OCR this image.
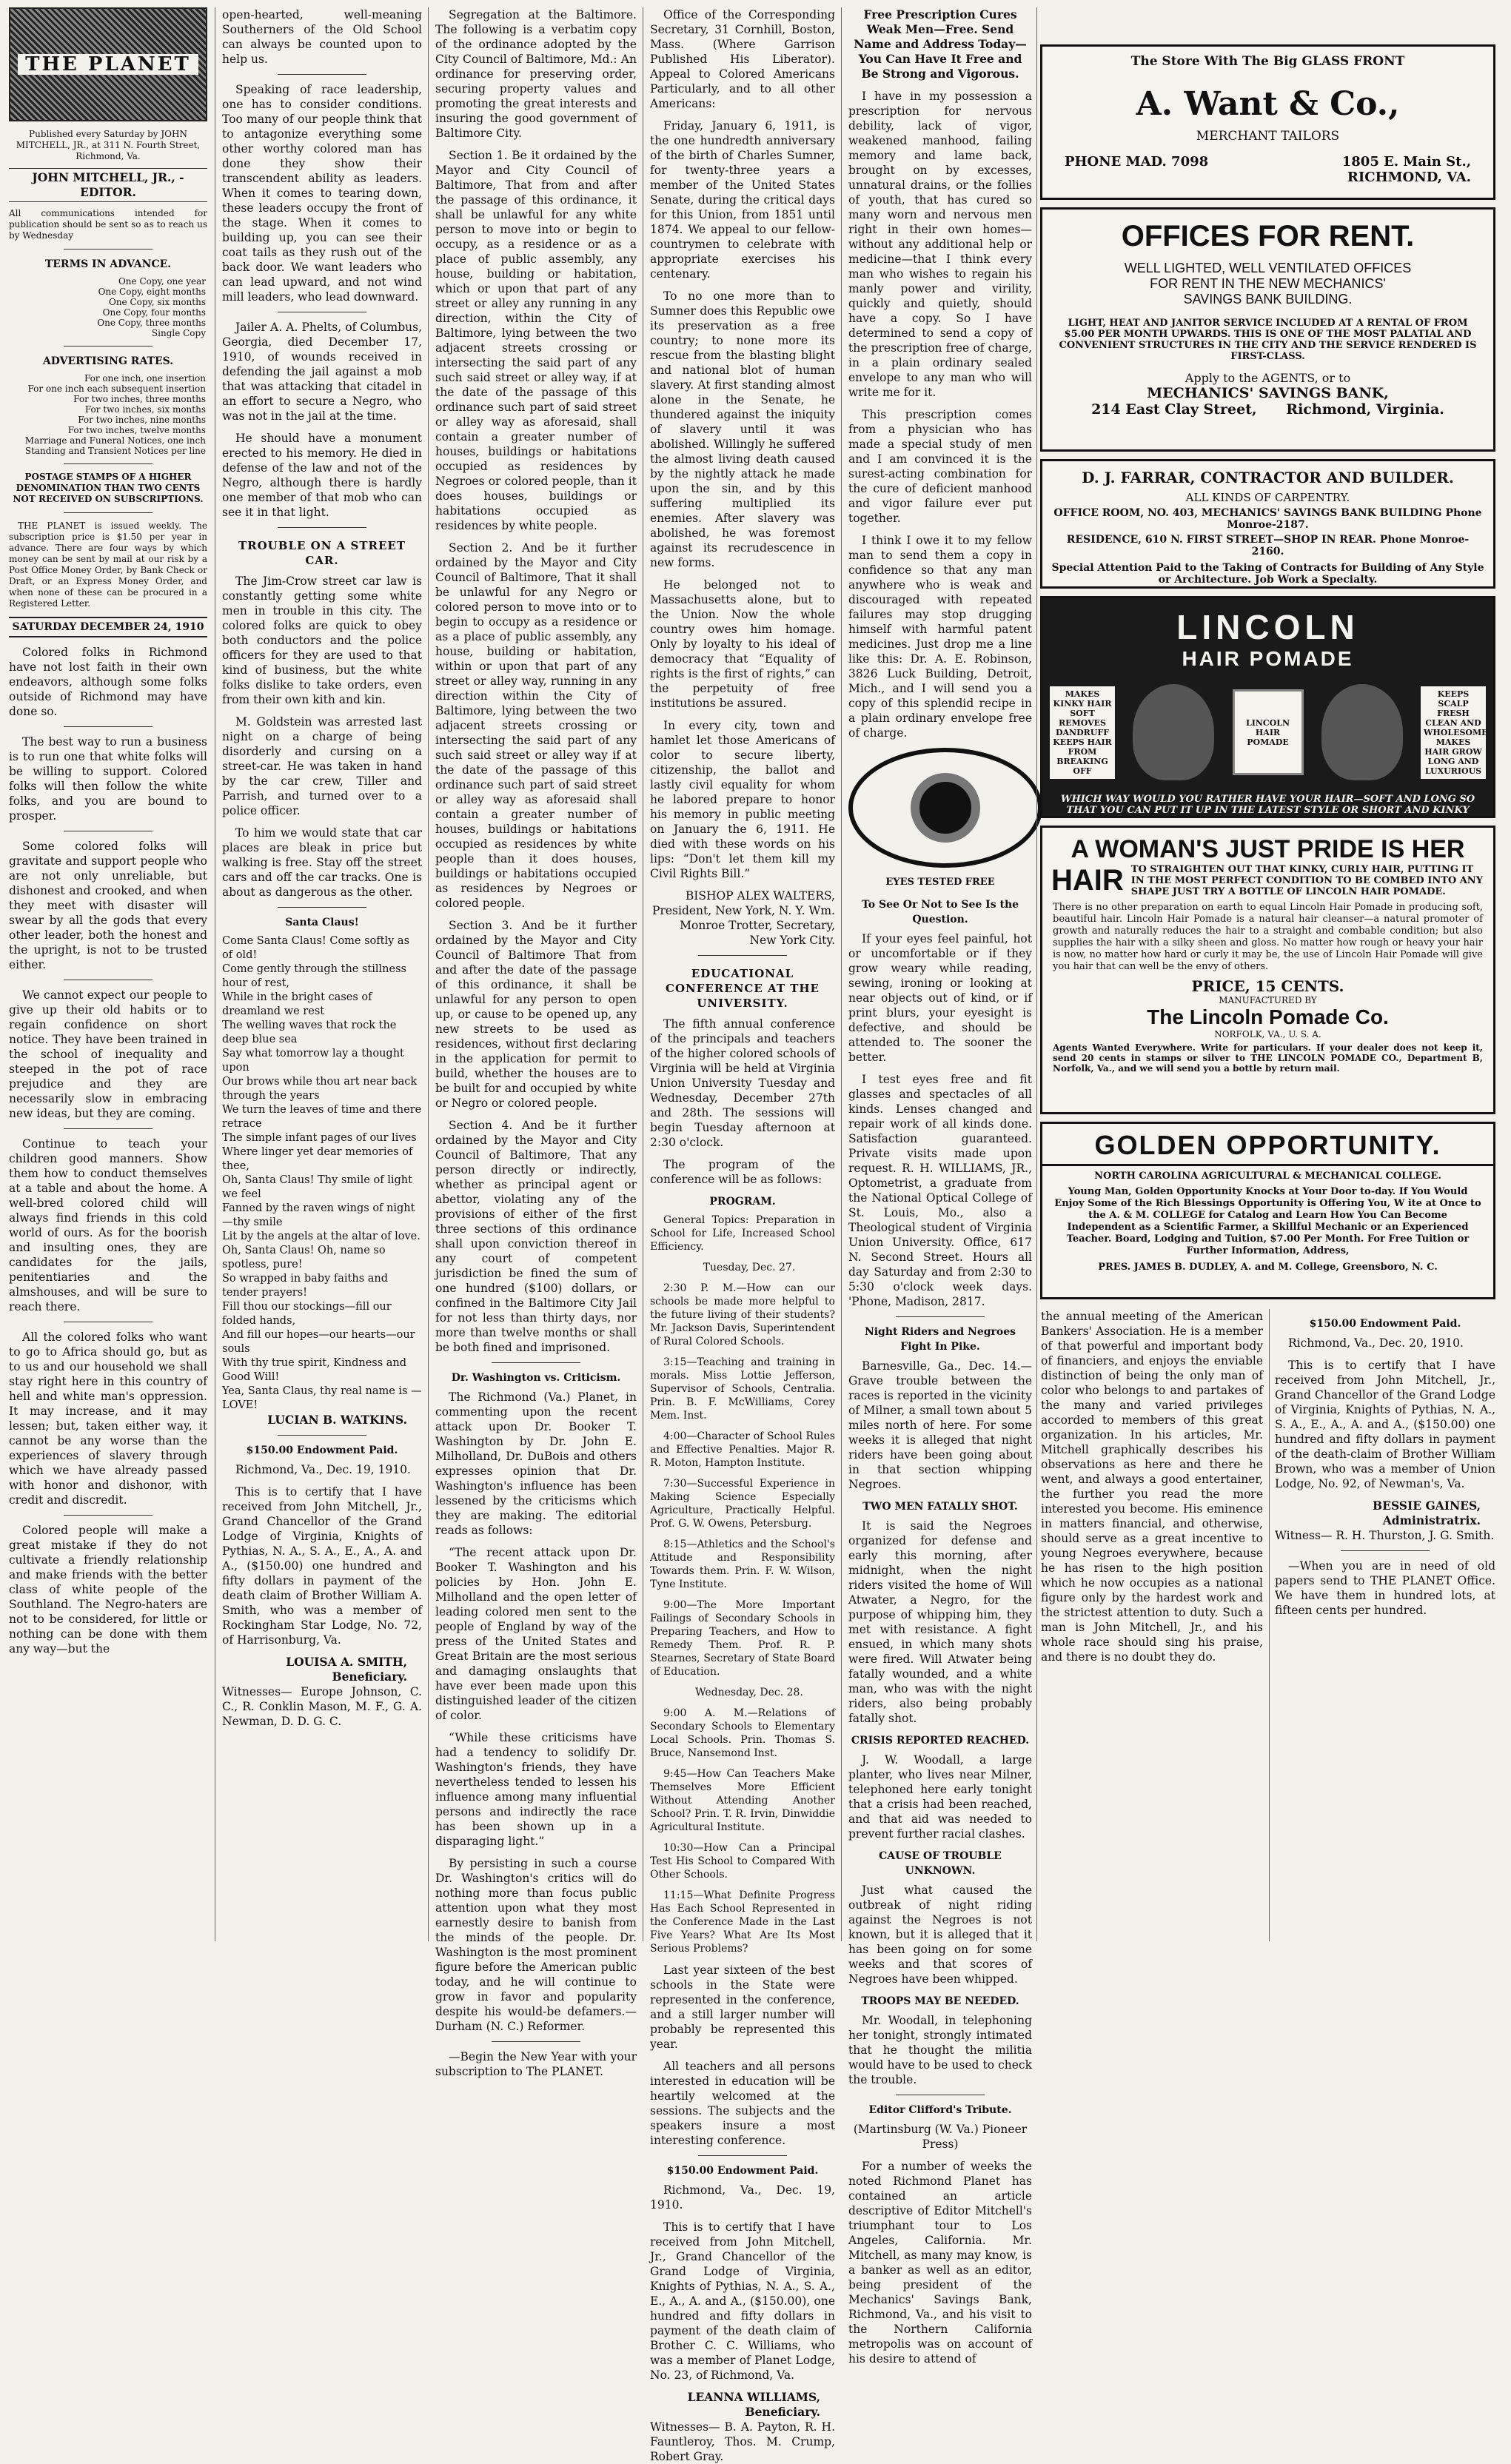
THE PLANET
Published every Saturday by JOHN MITCHELL, JR., at 311 N. Fourth Street, Richmond, Va.
JOHN MITCHELL, JR., - EDITOR.
All communications intended for publication should be sent so as to reach us by Wednesday
TERMS IN ADVANCE.
One Copy, one year
One Copy, eight months
One Copy, six months
One Copy, four months
One Copy, three months
Single Copy
ADVERTISING RATES.
For one inch, one insertion
For one inch each subsequent insertion
For two inches, three months
For two inches, six months
For two inches, nine months
For two inches, twelve months
Marriage and Funeral Notices, one inch
Standing and Transient Notices per line
POSTAGE STAMPS OF A HIGHER DENOMINATION THAN TWO CENTS NOT RECEIVED ON SUBSCRIPTIONS.
THE PLANET is issued weekly. The subscription price is $1.50 per year in advance. There are four ways by which money can be sent by mail at our risk by a Post Office Money Order, by Bank Check or Draft, or an Express Money Order, and when none of these can be procured in a Registered Letter.
SATURDAY DECEMBER 24, 1910

Colored folks in Richmond have not lost faith in their own endeavors, although some folks outside of Richmond may have done so.

The best way to run a business is to run one that white folks will be willing to support. Colored folks will then follow the white folks, and you are bound to prosper.

Some colored folks will gravitate and support people who are not only unreliable, but dishonest and crooked, and when they meet with disaster will swear by all the gods that every other leader, both the honest and the upright, is not to be trusted either.

We cannot expect our people to give up their old habits or to regain confidence on short notice. They have been trained in the school of inequality and steeped in the pot of race prejudice and they are necessarily slow in embracing new ideas, but they are coming.

Continue to teach your children good manners. Show them how to conduct themselves at a table and about the home. A well-bred colored child will always find friends in this cold world of ours. As for the boorish and insulting ones, they are candidates for the jails, penitentiaries and the almshouses, and will be sure to reach there.

All the colored folks who want to go to Africa should go, but as to us and our household we shall stay right here in this country of hell and white man's oppression. It may increase, and it may lessen; but, taken either way, it cannot be any worse than the experiences of slavery through which we have already passed with honor and dishonor, with credit and discredit.

Colored people will make a great mistake if they do not cultivate a friendly relationship and make friends with the better class of white people of the Southland. The Negro-haters are not to be considered, for little or nothing can be done with them any way—but the

open-hearted, well-meaning Southerners of the Old School can always be counted upon to help us.

Speaking of race leadership, one has to consider conditions. Too many of our people think that to antagonize everything some other worthy colored man has done they show their transcendent ability as leaders. When it comes to tearing down, these leaders occupy the front of the stage. When it comes to building up, you can see their coat tails as they rush out of the back door. We want leaders who can lead upward, and not wind mill leaders, who lead downward.

Jailer A. A. Phelts, of Columbus, Georgia, died December 17, 1910, of wounds received in defending the jail against a mob that was attacking that citadel in an effort to secure a Negro, who was not in the jail at the time.

He should have a monument erected to his memory. He died in defense of the law and not of the Negro, although there is hardly one member of that mob who can see it in that light.

TROUBLE ON A STREET CAR.

The Jim-Crow street car law is constantly getting some white men in trouble in this city. The colored folks are quick to obey both conductors and the police officers for they are used to that kind of business, but the white folks dislike to take orders, even from their own kith and kin.

M. Goldstein was arrested last night on a charge of being disorderly and cursing on a street-car. He was taken in hand by the car crew, Tiller and Parrish, and turned over to a police officer.

To him we would state that car places are bleak in price but walking is free. Stay off the street cars and off the car tracks. One is about as dangerous as the other.

Santa Claus!
Come Santa Claus! Come softly as of old!
Come gently through the stillness hour of rest,
While in the bright cases of dreamland we rest
The welling waves that rock the deep blue sea
Say what tomorrow lay a thought upon
Our brows while thou art near back through the years
We turn the leaves of time and there retrace
The simple infant pages of our lives
Where linger yet dear memories of thee,
Oh, Santa Claus! Thy smile of light we feel
Fanned by the raven wings of night—thy smile
Lit by the angels at the altar of love.
Oh, Santa Claus! Oh, name so spotless, pure!
So wrapped in baby faiths and tender prayers!
Fill thou our stockings—fill our folded hands,
And fill our hopes—our hearts—our souls
With thy true spirit, Kindness and Good Will!
Yea, Santa Claus, thy real name is —LOVE!
LUCIAN B. WATKINS.
$150.00 Endowment Paid.

Richmond, Va., Dec. 19, 1910.

This is to certify that I have received from John Mitchell, Jr., Grand Chancellor of the Grand Lodge of Virginia, Knights of Pythias, N. A., S. A., E., A., A. and A., ($150.00) one hundred and fifty dollars in payment of the death claim of Brother William A. Smith, who was a member of Rockingham Star Lodge, No. 72, of Harrisonburg, Va.

LOUISA A. SMITH, Beneficiary.

Witnesses— Europe Johnson, C. C., R. Conklin Mason, M. F., G. A. Newman, D. D. G. C.

Segregation at the Baltimore. The following is a verbatim copy of the ordinance adopted by the City Council of Baltimore, Md.: An ordinance for preserving order, securing property values and promoting the great interests and insuring the good government of Baltimore City.

Section 1. Be it ordained by the Mayor and City Council of Baltimore, That from and after the passage of this ordinance, it shall be unlawful for any white person to move into or begin to occupy, as a residence or as a place of public assembly, any house, building or habitation, which or upon that part of any street or alley any running in any direction, within the City of Baltimore, lying between the two adjacent streets crossing or intersecting the said part of any such said street or alley way, if at the date of the passage of this ordinance such part of said street or alley way as aforesaid, shall contain a greater number of houses, buildings or habitations occupied as residences by Negroes or colored people, than it does houses, buildings or habitations occupied as residences by white people.

Section 2. And be it further ordained by the Mayor and City Council of Baltimore, That it shall be unlawful for any Negro or colored person to move into or to begin to occupy as a residence or as a place of public assembly, any house, building or habitation, within or upon that part of any street or alley way, running in any direction within the City of Baltimore, lying between the two adjacent streets crossing or intersecting the said part of any such said street or alley way if at the date of the passage of this ordinance such part of said street or alley way as aforesaid shall contain a greater number of houses, buildings or habitations occupied as residences by white people than it does houses, buildings or habitations occupied as residences by Negroes or colored people.

Section 3. And be it further ordained by the Mayor and City Council of Baltimore That from and after the date of the passage of this ordinance, it shall be unlawful for any person to open up, or cause to be opened up, any new streets to be used as residences, without first declaring in the application for permit to build, whether the houses are to be built for and occupied by white or Negro or colored people.

Section 4. And be it further ordained by the Mayor and City Council of Baltimore, That any person directly or indirectly, whether as principal agent or abettor, violating any of the provisions of either of the first three sections of this ordinance shall upon conviction thereof in any court of competent jurisdiction be fined the sum of one hundred ($100) dollars, or confined in the Baltimore City Jail for not less than thirty days, nor more than twelve months or shall be both fined and imprisoned.

Dr. Washington vs. Criticism.

The Richmond (Va.) Planet, in commenting upon the recent attack upon Dr. Booker T. Washington by Dr. John E. Milholland, Dr. DuBois and others expresses opinion that Dr. Washington's influence has been lessened by the criticisms which they are making. The editorial reads as follows:

“The recent attack upon Dr. Booker T. Washington and his policies by Hon. John E. Milholland and the open letter of leading colored men sent to the people of England by way of the press of the United States and Great Britain are the most serious and damaging onslaughts that have ever been made upon this distinguished leader of the citizen of color.

“While these criticisms have had a tendency to solidify Dr. Washington's friends, they have nevertheless tended to lessen his influence among many influential persons and indirectly the race has been shown up in a disparaging light.”

By persisting in such a course Dr. Washington's critics will do nothing more than focus public attention upon what they most earnestly desire to banish from the minds of the people. Dr. Washington is the most prominent figure before the American public today, and he will continue to grow in favor and popularity despite his would-be defamers.—Durham (N. C.) Reformer.

—Begin the New Year with your subscription to The PLANET.

Office of the Corresponding Secretary, 31 Cornhill, Boston, Mass. (Where Garrison Published His Liberator). Appeal to Colored Americans Particularly, and to all other Americans:

Friday, January 6, 1911, is the one hundredth anniversary of the birth of Charles Sumner, for twenty-three years a member of the United States Senate, during the critical days for this Union, from 1851 until 1874. We appeal to our fellow-countrymen to celebrate with appropriate exercises his centenary.

To no one more than to Sumner does this Republic owe its preservation as a free country; to none more its rescue from the blasting blight and national blot of human slavery. At first standing almost alone in the Senate, he thundered against the iniquity of slavery until it was abolished. Willingly he suffered the almost living death caused by the nightly attack he made upon the sin, and by this suffering multiplied its enemies. After slavery was abolished, he was foremost against its recrudescence in new forms.

He belonged not to Massachusetts alone, but to the Union. Now the whole country owes him homage. Only by loyalty to his ideal of democracy that “Equality of rights is the first of rights,” can the perpetuity of free institutions be assured.

In every city, town and hamlet let those Americans of color to secure liberty, citizenship, the ballot and lastly civil equality for whom he labored prepare to honor his memory in public meeting on January the 6, 1911. He died with these words on his lips: “Don't let them kill my Civil Rights Bill.”

BISHOP ALEX WALTERS, President, New York, N. Y. Wm. Monroe Trotter, Secretary, New York City.

EDUCATIONAL CONFERENCE AT THE UNIVERSITY.

The fifth annual conference of the principals and teachers of the higher colored schools of Virginia will be held at Virginia Union University Tuesday and Wednesday, December 27th and 28th. The sessions will begin Tuesday afternoon at 2:30 o'clock.

The program of the conference will be as follows:

PROGRAM.

General Topics: Preparation in School for Life, Increased School Efficiency.

Tuesday, Dec. 27.

2:30 P. M.—How can our schools be made more helpful to the future living of their students? Mr. Jackson Davis, Superintendent of Rural Colored Schools.

3:15—Teaching and training in morals. Miss Lottie Jefferson, Supervisor of Schools, Centralia. Prin. B. F. McWilliams, Corey Mem. Inst.

4:00—Character of School Rules and Effective Penalties. Major R. R. Moton, Hampton Institute.

7:30—Successful Experience in Making Science Especially Agriculture, Practically Helpful. Prof. G. W. Owens, Petersburg.

8:15—Athletics and the School's Attitude and Responsibility Towards them. Prin. F. W. Wilson, Tyne Institute.

9:00—The More Important Failings of Secondary Schools in Preparing Teachers, and How to Remedy Them. Prof. R. P. Stearnes, Secretary of State Board of Education.

Wednesday, Dec. 28.

9:00 A. M.—Relations of Secondary Schools to Elementary Local Schools. Prin. Thomas S. Bruce, Nansemond Inst.

9:45—How Can Teachers Make Themselves More Efficient Without Attending Another School? Prin. T. R. Irvin, Dinwiddie Agricultural Institute.

10:30—How Can a Principal Test His School to Compared With Other Schools.

11:15—What Definite Progress Has Each School Represented in the Conference Made in the Last Five Years? What Are Its Most Serious Problems?

Last year sixteen of the best schools in the State were represented in the conference, and a still larger number will probably be represented this year.

All teachers and all persons interested in education will be heartily welcomed at the sessions. The subjects and the speakers insure a most interesting conference.

$150.00 Endowment Paid.

Richmond, Va., Dec. 19, 1910.

This is to certify that I have received from John Mitchell, Jr., Grand Chancellor of the Grand Lodge of Virginia, Knights of Pythias, N. A., S. A., E., A., A. and A., ($150.00), one hundred and fifty dollars in payment of the death claim of Brother C. C. Williams, who was a member of Planet Lodge, No. 23, of Richmond, Va.

LEANNA WILLIAMS, Beneficiary.

Witnesses— B. A. Payton, R. H. Fauntleroy, Thos. M. Crump, Robert Gray.

Free Prescription Cures Weak Men—Free. Send Name and Address Today—You Can Have It Free and Be Strong and Vigorous.

I have in my possession a prescription for nervous debility, lack of vigor, weakened manhood, failing memory and lame back, brought on by excesses, unnatural drains, or the follies of youth, that has cured so many worn and nervous men right in their own homes—without any additional help or medicine—that I think every man who wishes to regain his manly power and virility, quickly and quietly, should have a copy. So I have determined to send a copy of the prescription free of charge, in a plain ordinary sealed envelope to any man who will write me for it.

This prescription comes from a physician who has made a special study of men and I am convinced it is the surest-acting combination for the cure of deficient manhood and vigor failure ever put together.

I think I owe it to my fellow man to send them a copy in confidence so that any man anywhere who is weak and discouraged with repeated failures may stop drugging himself with harmful patent medicines. Just drop me a line like this: Dr. A. E. Robinson, 3826 Luck Building, Detroit, Mich., and I will send you a copy of this splendid recipe in a plain ordinary envelope free of charge.

EYES TESTED FREE
To See Or Not to See Is the Question.

If your eyes feel painful, hot or uncomfortable or if they grow weary while reading, sewing, ironing or looking at near objects out of kind, or if print blurs, your eyesight is defective, and should be attended to. The sooner the better.

I test eyes free and fit glasses and spectacles of all kinds. Lenses changed and repair work of all kinds done. Satisfaction guaranteed. Private visits made upon request. R. H. WILLIAMS, JR., Optometrist, a graduate from the National Optical College of St. Louis, Mo., also a Theological student of Virginia Union University. Office, 617 N. Second Street. Hours all day Saturday and from 2:30 to 5:30 o'clock week days. 'Phone, Madison, 2817.

Night Riders and Negroes Fight In Pike.

Barnesville, Ga., Dec. 14.—Grave trouble between the races is reported in the vicinity of Milner, a small town about 5 miles north of here. For some weeks it is alleged that night riders have been going about in that section whipping Negroes.

TWO MEN FATALLY SHOT.

It is said the Negroes organized for defense and early this morning, after midnight, when the night riders visited the home of Will Atwater, a Negro, for the purpose of whipping him, they met with resistance. A fight ensued, in which many shots were fired. Will Atwater being fatally wounded, and a white man, who was with the night riders, also being probably fatally shot.

CRISIS REPORTED REACHED.

J. W. Woodall, a large planter, who lives near Milner, telephoned here early tonight that a crisis had been reached, and that aid was needed to prevent further racial clashes.

CAUSE OF TROUBLE UNKNOWN.

Just what caused the outbreak of night riding against the Negroes is not known, but it is alleged that it has been going on for some weeks and that scores of Negroes have been whipped.

TROOPS MAY BE NEEDED.

Mr. Woodall, in telephoning her tonight, strongly intimated that he thought the militia would have to be used to check the trouble.

Editor Clifford's Tribute.

(Martinsburg (W. Va.) Pioneer Press)

For a number of weeks the noted Richmond Planet has contained an article descriptive of Editor Mitchell's triumphant tour to Los Angeles, California. Mr. Mitchell, as many may know, is a banker as well as an editor, being president of the Mechanics' Savings Bank, Richmond, Va., and his visit to the Northern California metropolis was on account of his desire to attend of

The Store With The Big GLASS FRONT
A. Want & Co.,
MERCHANT TAILORS
PHONE MAD. 7098	1805 E. Main St.,
RICHMOND, VA.
OFFICES FOR RENT.
WELL LIGHTED, WELL VENTILATED OFFICES
FOR RENT IN THE NEW MECHANICS'
SAVINGS BANK BUILDING.
LIGHT, HEAT AND JANITOR SERVICE INCLUDED AT A RENTAL OF FROM $5.00 PER MONTH UPWARDS. THIS IS ONE OF THE MOST PALATIAL AND CONVENIENT STRUCTURES IN THE CITY AND THE SERVICE RENDERED IS FIRST-CLASS.
Apply to the AGENTS, or to
MECHANICS' SAVINGS BANK,
214 East Clay Street,      Richmond, Virginia.
D. J. FARRAR, CONTRACTOR AND BUILDER.
ALL KINDS OF CARPENTRY.
OFFICE ROOM, NO. 403, MECHANICS' SAVINGS BANK BUILDING Phone Monroe-2187.
RESIDENCE, 610 N. FIRST STREET—SHOP IN REAR. Phone Monroe-2160.
Special Attention Paid to the Taking of Contracts for Building of Any Style or Architecture. Job Work a Specialty.
LINCOLN
HAIR POMADE
MAKES KINKY HAIR SOFT REMOVES DANDRUFF KEEPS HAIR FROM BREAKING OFF
LINCOLN HAIR POMADE
KEEPS SCALP FRESH CLEAN AND WHOLESOME MAKES HAIR GROW LONG AND LUXURIOUS
WHICH WAY WOULD YOU RATHER HAVE YOUR HAIR—SOFT AND LONG SO THAT YOU CAN PUT IT UP IN THE LATEST STYLE OR SHORT AND KINKY
A WOMAN'S JUST PRIDE IS HER
HAIR TO STRAIGHTEN OUT THAT KINKY, CURLY HAIR, PUTTING IT IN THE MOST PERFECT CONDITION TO BE COMBED INTO ANY SHAPE JUST TRY A BOTTLE OF LINCOLN HAIR POMADE.
There is no other preparation on earth to equal Lincoln Hair Pomade in producing soft, beautiful hair. Lincoln Hair Pomade is a natural hair cleanser—a natural promoter of growth and naturally reduces the hair to a straight and combable condition; but also supplies the hair with a silky sheen and gloss. No matter how rough or heavy your hair is now, no matter how hard or curly it may be, the use of Lincoln Hair Pomade will give you hair that can well be the envy of others.
PRICE, 15 CENTS.
MANUFACTURED BY
The Lincoln Pomade Co.
NORFOLK, VA., U. S. A.
Agents Wanted Everywhere. Write for particulars. If your dealer does not keep it, send 20 cents in stamps or silver to THE LINCOLN POMADE CO., Department B, Norfolk, Va., and we will send you a bottle by return mail.
GOLDEN OPPORTUNITY.
NORTH CAROLINA AGRICULTURAL & MECHANICAL COLLEGE.
Young Man, Golden Opportunity Knocks at Your Door to-day. If You Would Enjoy Some of the Rich Blessings Opportunity is Offering You, W ite at Once to the A. & M. COLLEGE for Catalog and Learn How You Can Become Independent as a Scientific Farmer, a Skillful Mechanic or an Experienced Teacher. Board, Lodging and Tuition, $7.00 Per Month. For Free Tuition or Further Information, Address,
PRES. JAMES B. DUDLEY, A. and M. College, Greensboro, N. C.

the annual meeting of the American Bankers' Association. He is a member of that powerful and important body of financiers, and enjoys the enviable distinction of being the only man of color who belongs to and partakes of the many and varied privileges accorded to members of this great organization. In his articles, Mr. Mitchell graphically describes his observations as here and there he went, and always a good entertainer, the further you read the more interested you become. His eminence in matters financial, and otherwise, should serve as a great incentive to young Negroes everywhere, because he has risen to the high position which he now occupies as a national figure only by the hardest work and the strictest attention to duty. Such a man is John Mitchell, Jr., and his whole race should sing his praise, and there is no doubt they do.

$150.00 Endowment Paid.

Richmond, Va., Dec. 20, 1910.

This is to certify that I have received from John Mitchell, Jr., Grand Chancellor of the Grand Lodge of Virginia, Knights of Pythias, N. A., S. A., E., A., A. and A., ($150.00) one hundred and fifty dollars in payment of the death-claim of Brother William Brown, who was a member of Union Lodge, No. 92, of Newman's, Va.

BESSIE GAINES, Administratrix.

Witness— R. H. Thurston, J. G. Smith.

—When you are in need of old papers send to THE PLANET Office. We have them in hundred lots, at fifteen cents per hundred.
